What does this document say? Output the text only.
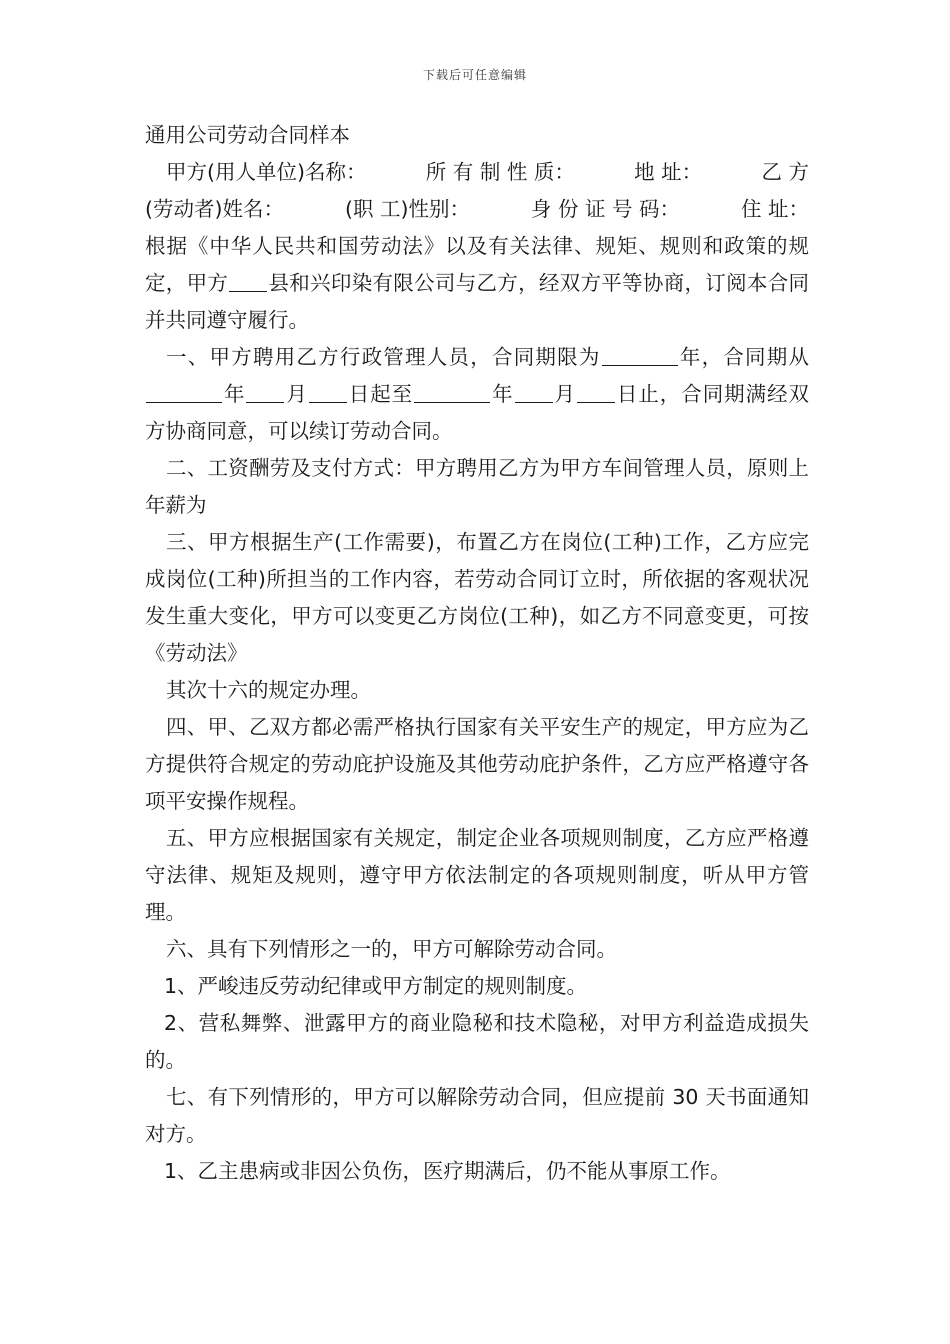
下载后可任意编辑

通用公司劳动合同样本

甲方(用人单位)名称：	所 有 制 性 质：	地 址：	乙 方
(劳动者)姓名：	(职 工)性别：	身 份 证 号 码：	住 址：

根据《中华人民共和国劳动法》以及有关法律、规矩、规则和政策的规定，甲方 县和兴印染有限公司与乙方，经双方平等协商，订阅本合同并共同遵守履行。

一、甲方聘用乙方行政管理人员，合同期限为	年，合同期从年 月 日起至	年 月 日止，合同期满经双方协商同意，可以续订劳动合同。

二、工资酬劳及支付方式：甲方聘用乙方为甲方车间管理人员，原则上年薪为

三、甲方根据生产(工作需要)，布置乙方在岗位(工种)工作，乙方应完成岗位(工种)所担当的工作内容，若劳动合同订立时，所依据的客观状况发生重大变化，甲方可以变更乙方岗位(工种)，如乙方不同意变更，可按《劳动法》

其次十六的规定办理。

四、甲、乙双方都必需严格执行国家有关平安生产的规定，甲方应为乙方提供符合规定的劳动庇护设施及其他劳动庇护条件，乙方应严格遵守各项平安操作规程。

五、甲方应根据国家有关规定，制定企业各项规则制度，乙方应严格遵守法律、规矩及规则，遵守甲方依法制定的各项规则制度，听从甲方管理。

六、具有下列情形之一的，甲方可解除劳动合同。

1、严峻违反劳动纪律或甲方制定的规则制度。

2、营私舞弊、泄露甲方的商业隐秘和技术隐秘，对甲方利益造成损失的。

七、有下列情形的，甲方可以解除劳动合同，但应提前 30 天书面通知对方。

1、乙主患病或非因公负伤，医疗期满后，仍不能从事原工作。
